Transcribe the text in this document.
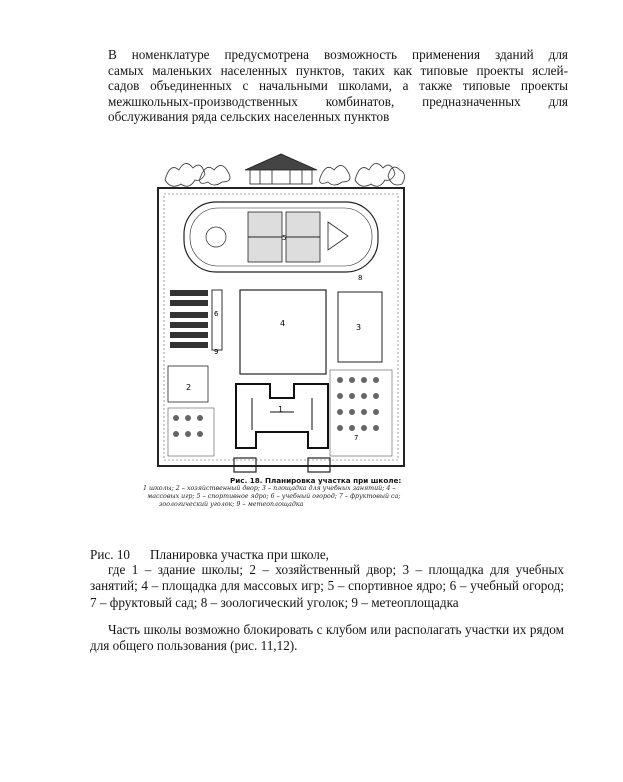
В номенклатуре предусмотрена возможность применения зданий для
самых маленьких населенных пунктов, таких как типовые проекты яслей-
садов объединенных с начальными школами, а также типовые проекты
межшкольных-производственных комбинатов, предназначенных для
обслуживания ряда сельских населенных пунктов
1
2
3
4
5
6
7
8
9
Рис. 18. Планировка участка при школе:
1 школы; 2 – хозяйственный двор; 3 – площадка для учебных занятий; 4 –
массовых игр; 5 – спортивное ядро; 6 – учебный огород; 7 – фруктовый са;
зоологический уголок; 9 – метеоплощадка
Рис. 10 Планировка участка при школе,
где 1 – здание школы; 2 – хозяйственный двор; 3 – площадка для учебных занятий; 4 – площадка для массовых игр; 5 – спортивное ядро; 6 – учебный огород; 7 – фруктовый сад; 8 – зоологический уголок; 9 – метеоплощадка
Часть школы возможно блокировать с клубом или располагать участки их рядом для общего пользования (рис. 11,12).
